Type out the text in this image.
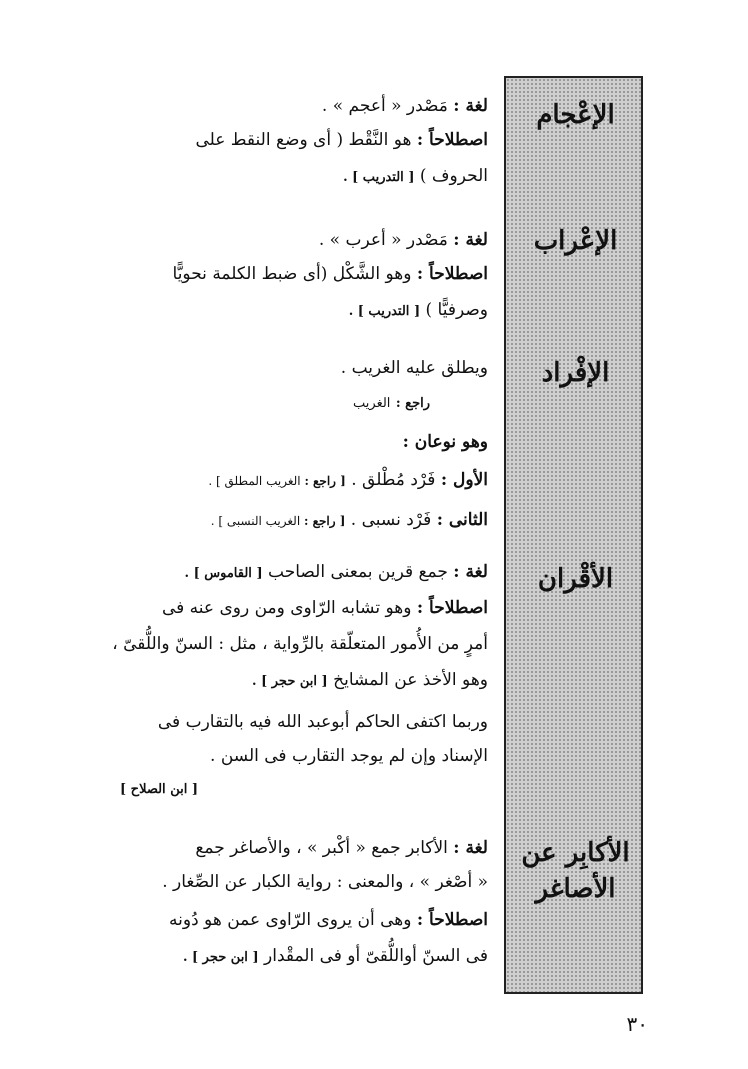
الإعْجام
الإعْراب
الإفْراد
الأقْران
الأكابِر عن
الأصاغر
لغة : مَصْدر « أعجم » .
اصطلاحاً : هو النَّقْط ( أى وضع النقط على
الحروف ) [ التدريب ] .
لغة : مَصْدر « أعرب » .
اصطلاحاً : وهو الشَّكْل (أى ضبط الكلمة نحويًّا
وصرفيًّا ) [ التدريب ] .
ويطلق عليه الغريب .
راجع : الغريب
وهو نوعان :
الأول : فَرْد مُطْلق . [ راجع : الغريب المطلق ] .
الثانى : فَرْد نسبى . [ راجع : الغريب النسبى ] .
لغة : جمع قرين بمعنى الصاحب [ القاموس ] .
اصطلاحاً : وهو تشابه الرّاوى ومن روى عنه فى
أمرٍ من الأُمور المتعلّقة بالرِّواية ، مثل : السنّ واللُّقىّ ،
وهو الأخذ عن المشايخ [ ابن حجر ] .
وربما اكتفى الحاكم أبوعبد الله فيه بالتقارب فى
الإسناد وإن لم يوجد التقارب فى السن .
[ ابن الصلاح ]
لغة : الأكابر جمع « أكْبر » ، والأصاغر جمع
« أصْغر » ، والمعنى : رواية الكبار عن الصِّغار .
اصطلاحاً : وهى أن يروى الرّاوى عمن هو دُونه
فى السنّ أواللُّقىّ أو فى المقْدار [ ابن حجر ] .
٣٠
